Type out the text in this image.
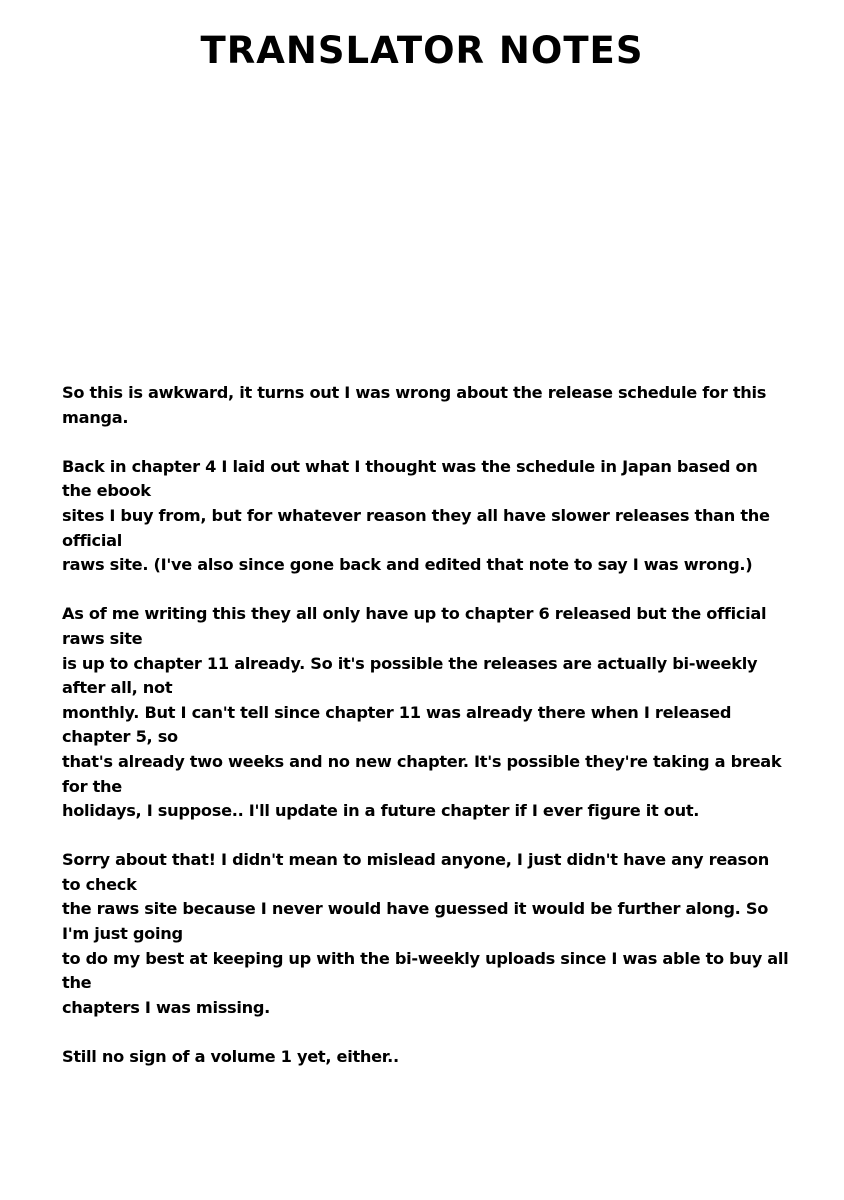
TRANSLATOR NOTES

So this is awkward, it turns out I was wrong about the release schedule for this manga.

Back in chapter 4 I laid out what I thought was the schedule in Japan based on the ebook
sites I buy from, but for whatever reason they all have slower releases than the official
raws site. (I've also since gone back and edited that note to say I was wrong.)

As of me writing this they all only have up to chapter 6 released but the official raws site
is up to chapter 11 already. So it's possible the releases are actually bi-weekly after all, not
monthly. But I can't tell since chapter 11 was already there when I released chapter 5, so
that's already two weeks and no new chapter. It's possible they're taking a break for the
holidays, I suppose.. I'll update in a future chapter if I ever figure it out.

Sorry about that! I didn't mean to mislead anyone, I just didn't have any reason to check
the raws site because I never would have guessed it would be further along. So I'm just going
to do my best at keeping up with the bi-weekly uploads since I was able to buy all the
chapters I was missing.

Still no sign of a volume 1 yet, either..
